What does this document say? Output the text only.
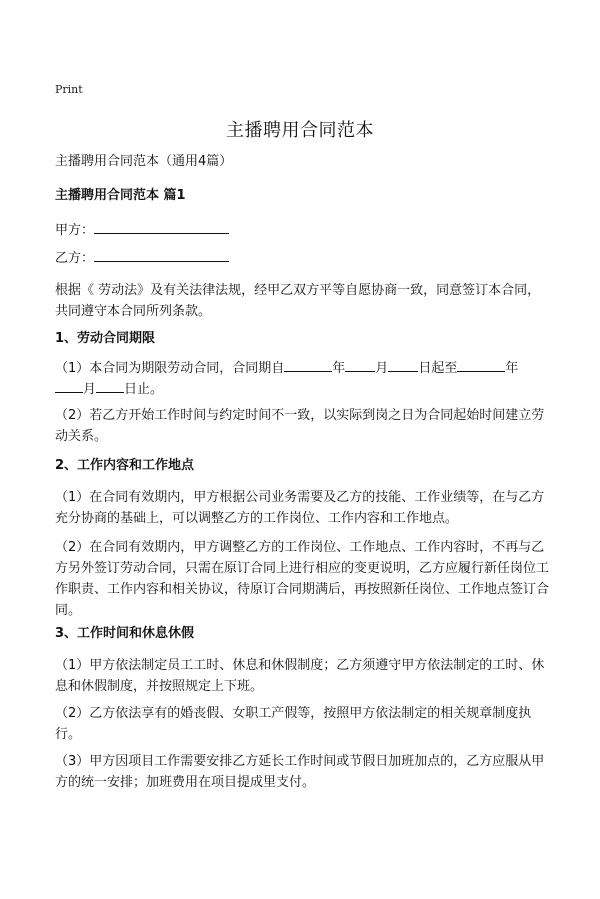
Print
主播聘用合同范本
主播聘用合同范本（通用4篇）
主播聘用合同范本 篇1
甲方：
乙方：
根据《 劳动法》及有关法律法规，经甲乙双方平等自愿协商一致，同意签订本合同，共同遵守本合同所列条款。
1、劳动合同期限
（1）本合同为期限劳动合同，合同期自	年 月 日起至	年
月 日止。
（2）若乙方开始工作时间与约定时间不一致，以实际到岗之日为合同起始时间建立劳动关系。
2、工作内容和工作地点
（1）在合同有效期内，甲方根据公司业务需要及乙方的技能、工作业绩等，在与乙方充分协商的基础上，可以调整乙方的工作岗位、工作内容和工作地点。
（2）在合同有效期内，甲方调整乙方的工作岗位、工作地点、工作内容时，不再与乙方另外签订劳动合同，只需在原订合同上进行相应的变更说明，乙方应履行新任岗位工作职责、工作内容和相关协议，待原订合同期满后，再按照新任岗位、工作地点签订合同。
3、工作时间和休息休假
（1）甲方依法制定员工工时、休息和休假制度；乙方须遵守甲方依法制定的工时、休息和休假制度，并按照规定上下班。
（2）乙方依法享有的婚丧假、女职工产假等，按照甲方依法制定的相关规章制度执行。
（3）甲方因项目工作需要安排乙方延长工作时间或节假日加班加点的，乙方应服从甲方的统一安排；加班费用在项目提成里支付。
